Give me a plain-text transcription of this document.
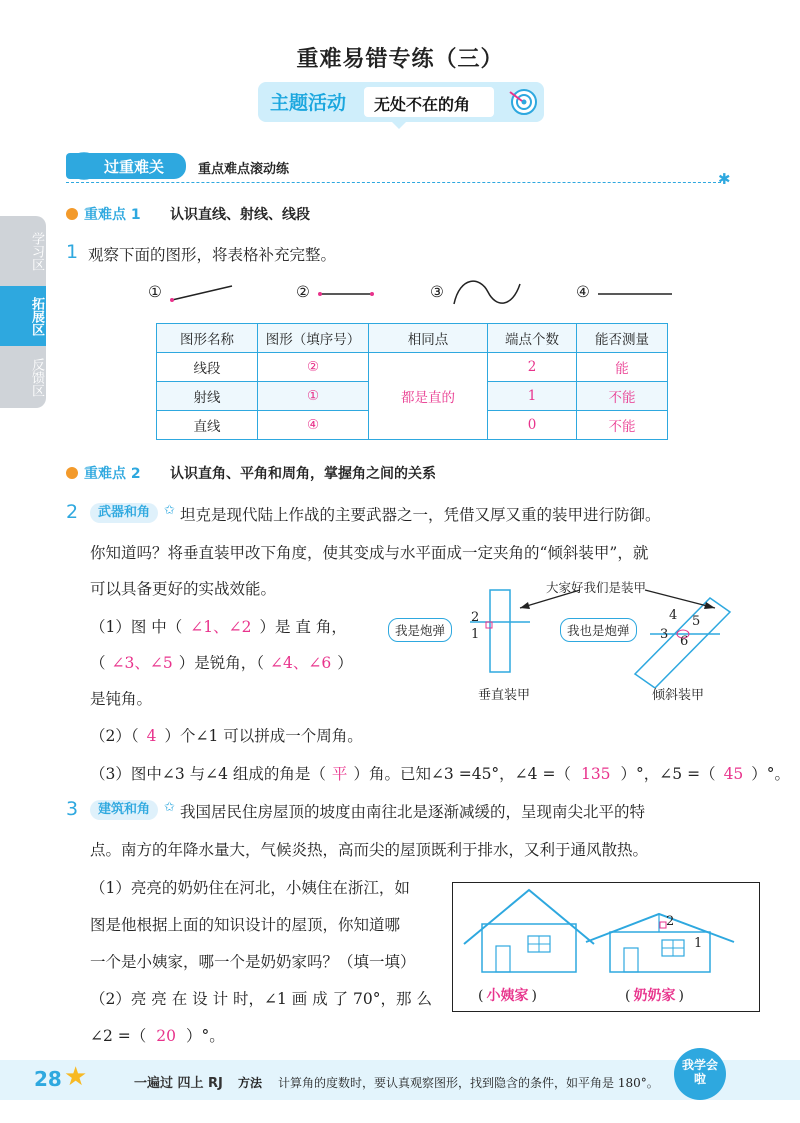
重难易错专练（三）
主题活动 无处不在的角
过重难关	重点难点滚动练
✱
学习区
拓展区
反馈区
重难点 1 认识直线、射线、线段
1 观察下面的图形，将表格补充完整。
①	②	③	④
图形名称	图形（填序号）	相同点	端点个数	能否测量
线段	②	都是直的	2	能
射线	①		1	不能
直线	④		0	不能
重难点 2 认识直角、平角和周角，掌握角之间的关系
2	武器和角	✩ 坦克是现代陆上作战的主要武器之一，凭借又厚又重的装甲进行防御。
你知道吗？将垂直装甲改下角度，使其变成与水平面成一定夹角的“倾斜装甲”，就
可以具备更好的实战效能。
（1）图 中（ ∠1、∠2 ）是 直 角，
（ ∠3、∠5 ）是锐角，（ ∠4、∠6 ）
是钝角。
（2）（ 4 ）个∠1 可以拼成一个周角。
（3）图中∠3 与∠4 组成的角是（ 平 ）角。已知∠3 =45°，∠4 =（ 135 ）°，∠5 =（ 45 ）°。
大家好我们是装甲
我是炮弹	我也是炮弹
2
1
4 5
3 6
垂直装甲	倾斜装甲
3	建筑和角	✩ 我国居民住房屋顶的坡度由南往北是逐渐减缓的，呈现南尖北平的特
点。南方的年降水量大，气候炎热，高而尖的屋顶既利于排水，又利于通风散热。
（1）亮亮的奶奶住在河北，小姨住在浙江，如
图是他根据上面的知识设计的屋顶，你知道哪
一个是小姨家，哪一个是奶奶家吗？（填一填）
（2）亮 亮 在 设 计 时，∠1 画 成 了 70°，那 么
∠2 =（ 20 ）°。
2
1
( 小姨家 )	( 奶奶家 )
28 ★	一遍过 四上 RJ 方法 计算角的度数时，要认真观察图形，找到隐含的条件，如平角是 180°。
我学会啦
